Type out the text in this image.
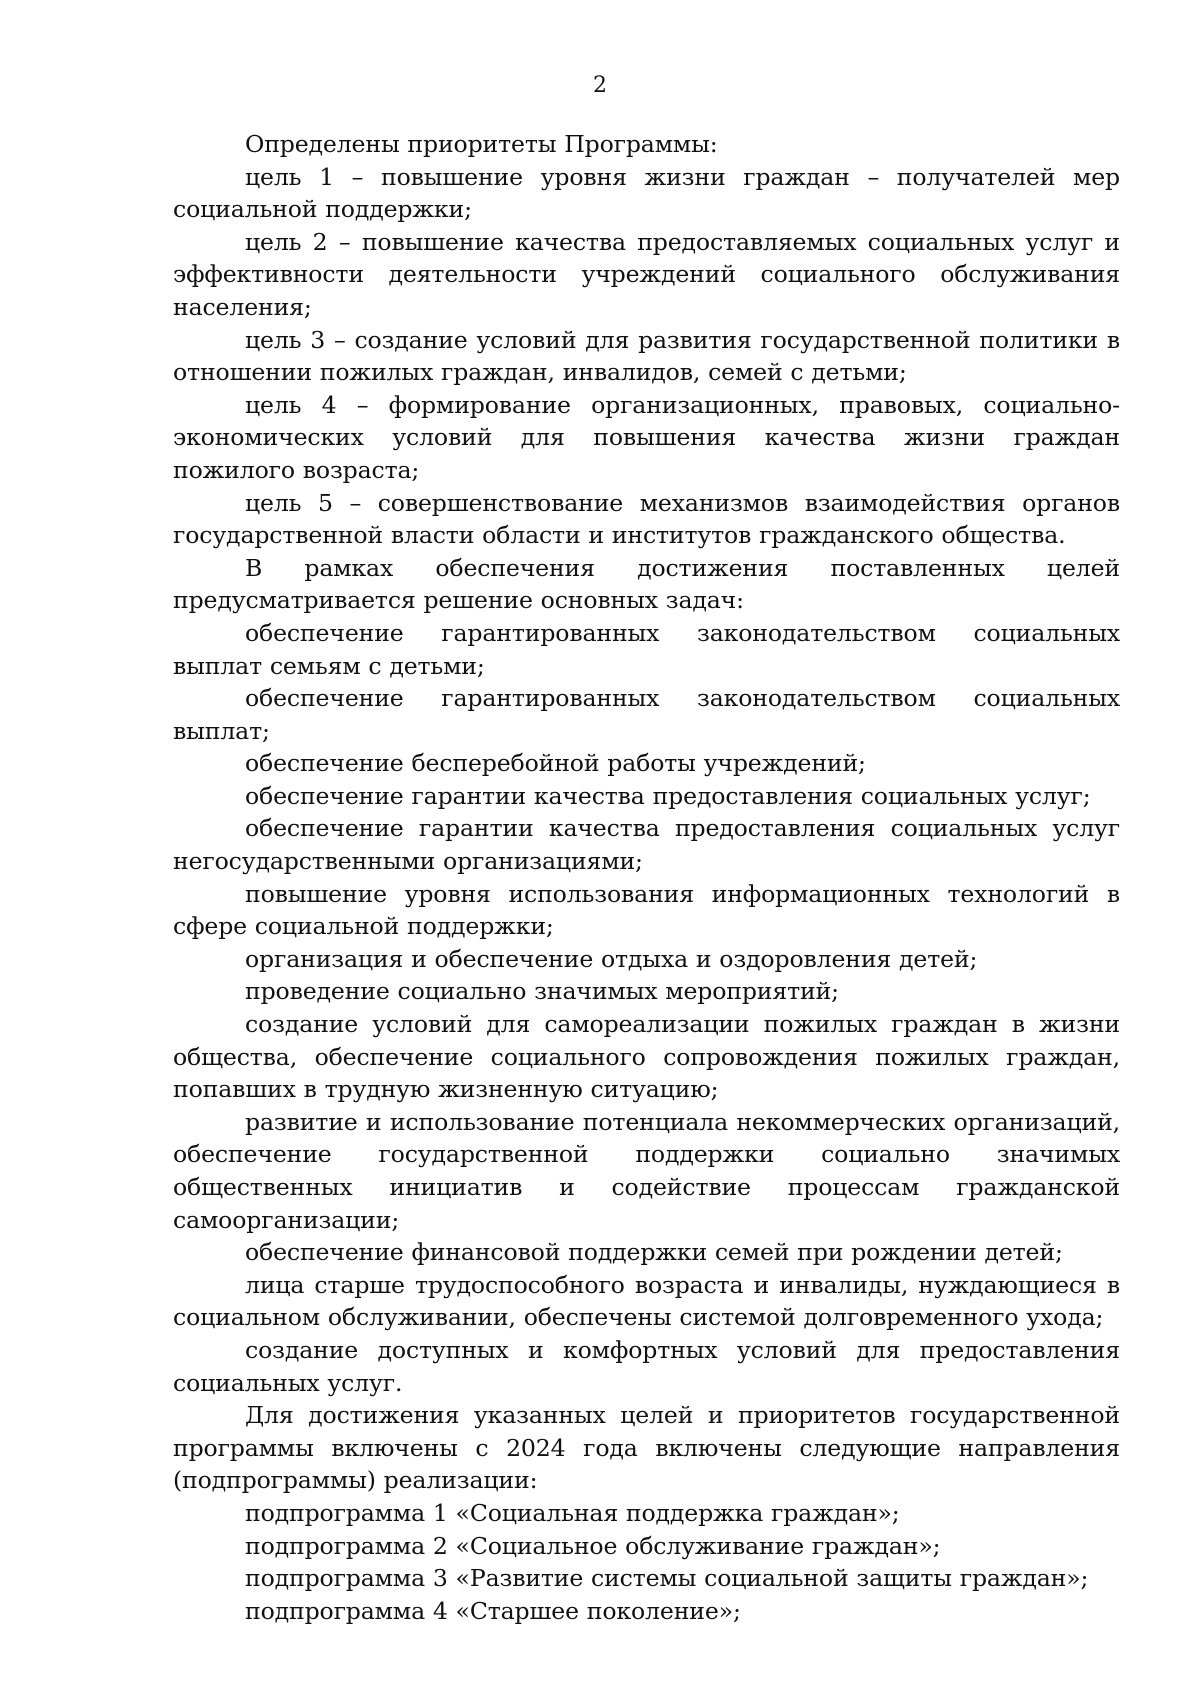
2

Определены приоритеты Программы:

цель 1 – повышение уровня жизни граждан – получателей мер социальной поддержки;

цель 2 – повышение качества предоставляемых социальных услуг и эффективности деятельности учреждений социального обслуживания населения;

цель 3 – создание условий для развития государственной политики в отношении пожилых граждан, инвалидов, семей с детьми;

цель 4 – формирование организационных, правовых, социально-экономических условий для повышения качества жизни граждан пожилого возраста;

цель 5 – совершенствование механизмов взаимодействия органов государственной власти области и институтов гражданского общества.

В рамках обеспечения достижения поставленных целей предусматривается решение основных задач:

обеспечение гарантированных законодательством социальных выплат семьям с детьми;

обеспечение гарантированных законодательством социальных выплат;

обеспечение бесперебойной работы учреждений;

обеспечение гарантии качества предоставления социальных услуг;

обеспечение гарантии качества предоставления социальных услуг негосударственными организациями;

повышение уровня использования информационных технологий в сфере социальной поддержки;

организация и обеспечение отдыха и оздоровления детей;

проведение социально значимых мероприятий;

создание условий для самореализации пожилых граждан в жизни общества, обеспечение социального сопровождения пожилых граждан, попавших в трудную жизненную ситуацию;

развитие и использование потенциала некоммерческих организаций, обеспечение государственной поддержки социально значимых общественных инициатив и содействие процессам гражданской самоорганизации;

обеспечение финансовой поддержки семей при рождении детей;

лица старше трудоспособного возраста и инвалиды, нуждающиеся в социальном обслуживании, обеспечены системой долговременного ухода;

создание доступных и комфортных условий для предоставления социальных услуг.

Для достижения указанных целей и приоритетов государственной программы включены с 2024 года включены следующие направления (подпрограммы) реализации:

подпрограмма 1 «Социальная поддержка граждан»;

подпрограмма 2 «Социальное обслуживание граждан»;

подпрограмма 3 «Развитие системы социальной защиты граждан»;

подпрограмма 4 «Старшее поколение»;
